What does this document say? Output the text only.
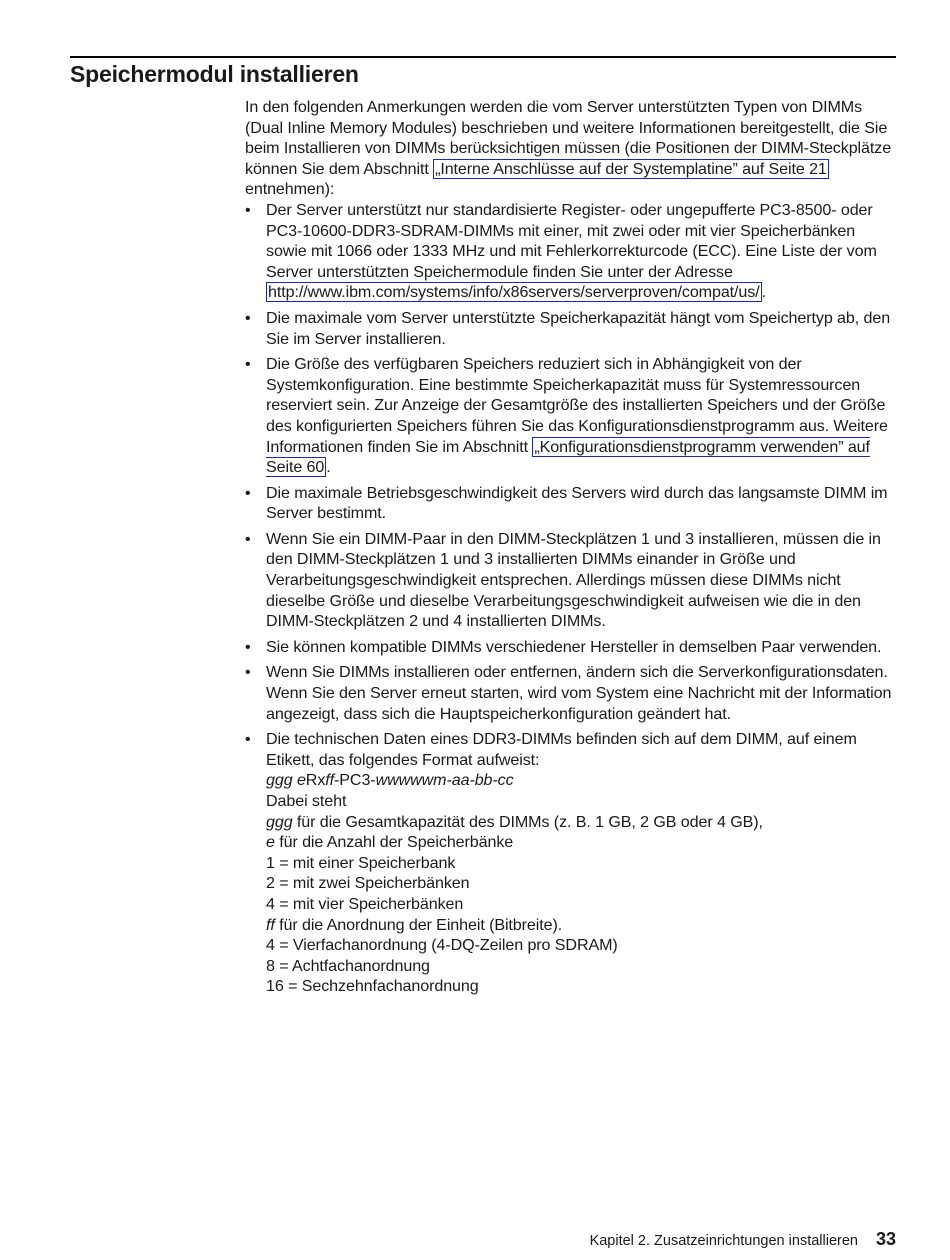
Speichermodul installieren

In den folgenden Anmerkungen werden die vom Server unterstützten Typen von DIMMs (Dual Inline Memory Modules) beschrieben und weitere Informationen bereitgestellt, die Sie beim Installieren von DIMMs berücksichtigen müssen (die Positionen der DIMM-Steckplätze können Sie dem Abschnitt „Interne Anschlüsse auf der Systemplatine” auf Seite 21 entnehmen):

• Der Server unterstützt nur standardisierte Register- oder ungepufferte PC3-8500- oder PC3-10600-DDR3-SDRAM-DIMMs mit einer, mit zwei oder mit vier Speicherbänken sowie mit 1066 oder 1333 MHz und mit Fehlerkorrekturcode (ECC). Eine Liste der vom Server unterstützten Speichermodule finden Sie unter der Adresse http://www.ibm.com/systems/info/x86servers/serverproven/compat/us/ .
• Die maximale vom Server unterstützte Speicherkapazität hängt vom Speichertyp ab, den Sie im Server installieren.
• Die Größe des verfügbaren Speichers reduziert sich in Abhängigkeit von der Systemkonfiguration. Eine bestimmte Speicherkapazität muss für Systemressourcen reserviert sein. Zur Anzeige der Gesamtgröße des installierten Speichers und der Größe des konfigurierten Speichers führen Sie das Konfigurationsdienstprogramm aus. Weitere Informationen finden Sie im Abschnitt „Konfigurationsdienstprogramm verwenden” auf Seite 60 .
• Die maximale Betriebsgeschwindigkeit des Servers wird durch das langsamste DIMM im Server bestimmt.
• Wenn Sie ein DIMM-Paar in den DIMM-Steckplätzen 1 und 3 installieren, müssen die in den DIMM-Steckplätzen 1 und 3 installierten DIMMs einander in Größe und Verarbeitungsgeschwindigkeit entsprechen. Allerdings müssen diese DIMMs nicht dieselbe Größe und dieselbe Verarbeitungsgeschwindigkeit aufweisen wie die in den DIMM-Steckplätzen 2 und 4 installierten DIMMs.
• Sie können kompatible DIMMs verschiedener Hersteller in demselben Paar verwenden.
• Wenn Sie DIMMs installieren oder entfernen, ändern sich die Serverkonfigurationsdaten. Wenn Sie den Server erneut starten, wird vom System eine Nachricht mit der Information angezeigt, dass sich die Hauptspeicherkonfiguration geändert hat.
• Die technischen Daten eines DDR3-DIMMs befinden sich auf dem DIMM, auf einem Etikett, das folgendes Format aufweist:

ggg eRxff-PC3-wwwwwm-aa-bb-cc

Dabei steht

ggg für die Gesamtkapazität des DIMMs (z. B. 1 GB, 2 GB oder 4 GB),

e für die Anzahl der Speicherbänke

1 = mit einer Speicherbank

2 = mit zwei Speicherbänken

4 = mit vier Speicherbänken

ff für die Anordnung der Einheit (Bitbreite).

4 = Vierfachanordnung (4-DQ-Zeilen pro SDRAM)

8 = Achtfachanordnung

16 = Sechzehnfachanordnung

Kapitel 2. Zusatzeinrichtungen installieren 33
